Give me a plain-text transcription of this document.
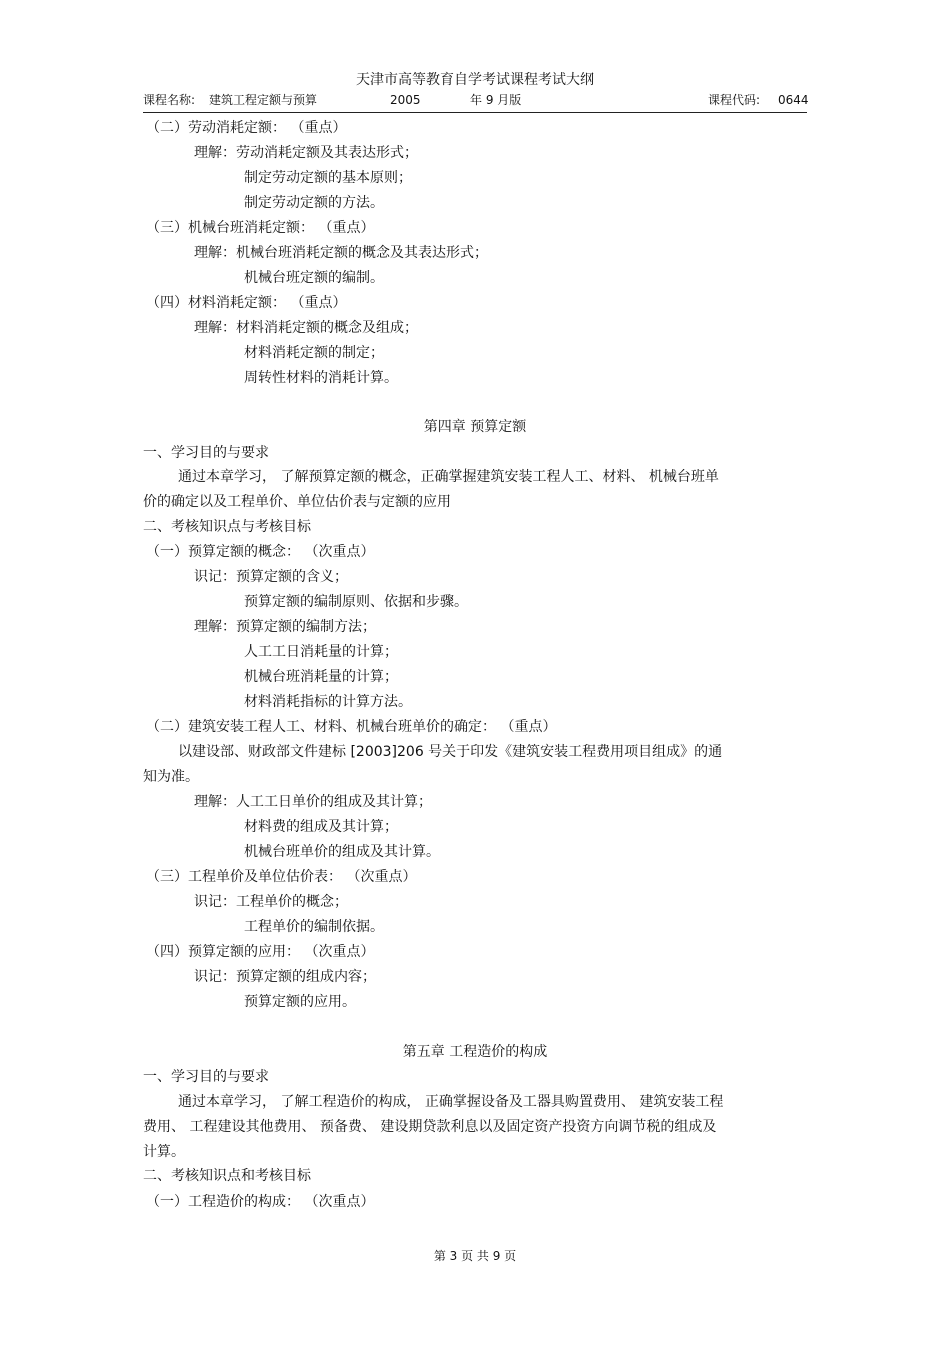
天津市高等教育自学考试课程考试大纲
课程名称: 建筑工程定额与预算	2005	年 9 月版	课程代码: 0644
（二）劳动消耗定额： （重点）
理解：劳动消耗定额及其表达形式；
制定劳动定额的基本原则；
制定劳动定额的方法。
（三）机械台班消耗定额： （重点）
理解：机械台班消耗定额的概念及其表达形式；
机械台班定额的编制。
（四）材料消耗定额： （重点）
理解：材料消耗定额的概念及组成；
材料消耗定额的制定；
周转性材料的消耗计算。
第四章 预算定额
一、学习目的与要求
通过本章学习， 了解预算定额的概念，正确掌握建筑安装工程人工、材料、 机械台班单
价的确定以及工程单价、单位估价表与定额的应用
二、考核知识点与考核目标
（一）预算定额的概念： （次重点）
识记：预算定额的含义；
预算定额的编制原则、依据和步骤。
理解：预算定额的编制方法；
人工工日消耗量的计算；
机械台班消耗量的计算；
材料消耗指标的计算方法。
（二）建筑安装工程人工、材料、机械台班单价的确定： （重点）
以建设部、财政部文件建标 [2003]206 号关于印发《建筑安装工程费用项目组成》的通
知为准。
理解：人工工日单价的组成及其计算；
材料费的组成及其计算；
机械台班单价的组成及其计算。
（三）工程单价及单位估价表： （次重点）
识记：工程单价的概念；
工程单价的编制依据。
（四）预算定额的应用： （次重点）
识记：预算定额的组成内容；
预算定额的应用。
第五章 工程造价的构成
一、学习目的与要求
通过本章学习， 了解工程造价的构成， 正确掌握设备及工器具购置费用、 建筑安装工程
费用、 工程建设其他费用、 预备费、 建设期贷款利息以及固定资产投资方向调节税的组成及
计算。
二、考核知识点和考核目标
（一）工程造价的构成： （次重点）
第 3 页 共 9 页
